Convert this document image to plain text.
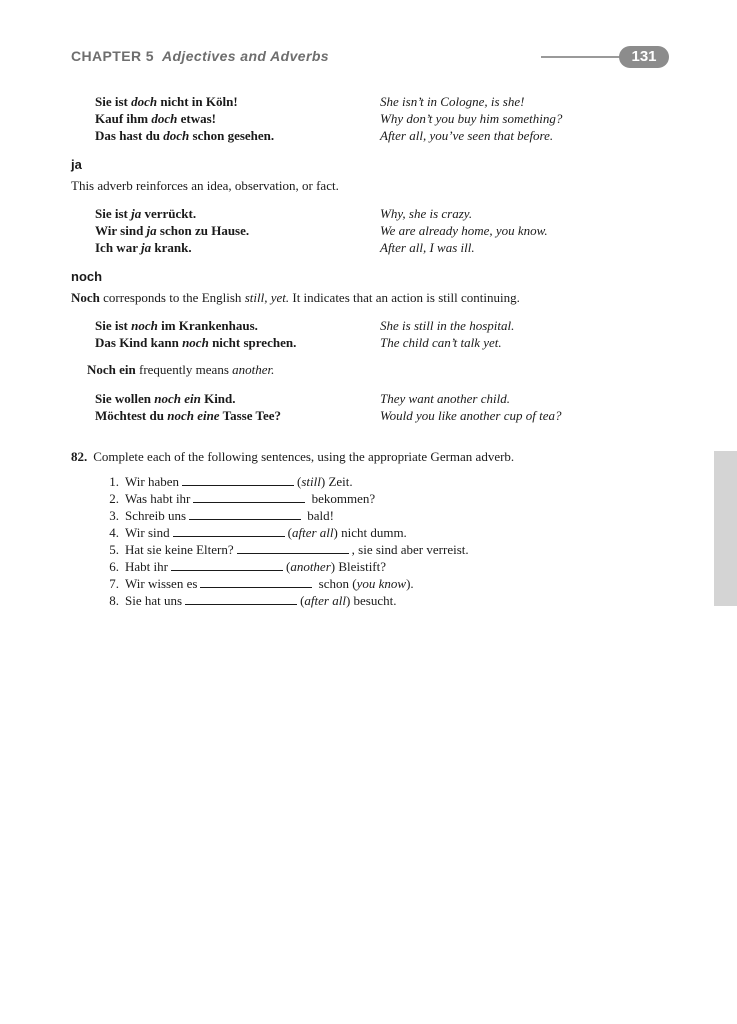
CHAPTER 5 Adjectives and Adverbs	131
Sie ist doch nicht in Köln!	She isn’t in Cologne, is she!
Kauf ihm doch etwas!	Why don’t you buy him something?
Das hast du doch schon gesehen.	After all, you’ve seen that before.
ja
This adverb reinforces an idea, observation, or fact.
Sie ist ja verrückt.	Why, she is crazy.
Wir sind ja schon zu Hause.	We are already home, you know.
Ich war ja krank.	After all, I was ill.
noch
Noch corresponds to the English still, yet. It indicates that an action is still continuing.
Sie ist noch im Krankenhaus.	She is still in the hospital.
Das Kind kann noch nicht sprechen.	The child can’t talk yet.
Noch ein frequently means another.
Sie wollen noch ein Kind.	They want another child.
Möchtest du noch eine Tasse Tee?	Would you like another cup of tea?
82. Complete each of the following sentences, using the appropriate German adverb.
1. Wir haben	(still) Zeit.
2. Was habt ihr	bekommen?
3. Schreib uns	bald!
4. Wir sind	(after all) nicht dumm.
5. Hat sie keine Eltern?	, sie sind aber verreist.
6. Habt ihr	(another) Bleistift?
7. Wir wissen es	schon (you know).
8. Sie hat uns	(after all) besucht.
